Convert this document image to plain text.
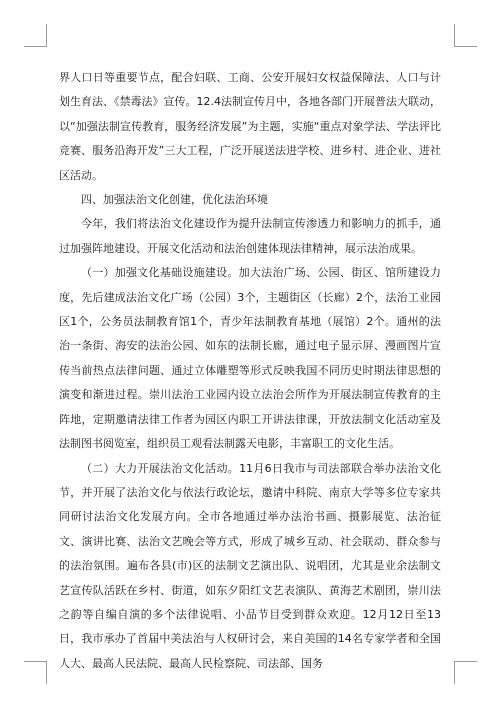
界人口日等重要节点，配合妇联、工商、公安开展妇女权益保障法、人口与计划生育法、《禁毒法》宣传。12.4法制宣传月中，各地各部门开展普法大联动，以“加强法制宣传教育，服务经济发展”为主题，实施“重点对象学法、学法评比竞赛、服务沿海开发”三大工程，广泛开展送法进学校、进乡村、进企业、进社区活动。

四、加强法治文化创建，优化法治环境

今年，我们将法治文化建设作为提升法制宣传渗透力和影响力的抓手，通过加强阵地建设、开展文化活动和法治创建体现法律精神，展示法治成果。

（一）加强文化基础设施建设。加大法治广场、公园、街区、馆所建设力度，先后建成法治文化广场（公园）3个，主题街区（长廊）2个，法治工业园区1个，公务员法制教育馆1个，青少年法制教育基地（展馆）2个。通州的法治一条街、海安的法治公园、如东的法制长廊，通过电子显示屏、漫画图片宣传当前热点法律问题、通过立体雕塑等形式反映我国不同历史时期法律思想的演变和渐进过程。崇川法治工业园内设立法治会所作为开展法制宣传教育的主阵地，定期邀请法律工作者为园区内职工开讲法律课，开放法制文化活动室及法制图书阅览室，组织员工观看法制露天电影，丰富职工的文化生活。

（二）大力开展法治文化活动。11月6日我市与司法部联合举办法治文化节，并开展了法治文化与依法行政论坛，邀请中科院、南京大学等多位专家共同研讨法治文化发展方向。全市各地通过举办法治书画、摄影展览、法治征文、演讲比赛、法治文艺晚会等方式，形成了城乡互动、社会联动、群众参与的法治氛围。遍布各县(市)区的法制文艺演出队、说唱团，尤其是业余法制文艺宣传队活跃在乡村、街道，如东夕阳红文艺表演队、黄海艺术剧团，崇川法之韵等自编自演的多个法律说唱、小品节目受到群众欢迎。12月12日至13日，我市承办了首届中美法治与人权研讨会，来自美国的14名专家学者和全国人大、最高人民法院、最高人民检察院、司法部、国务
